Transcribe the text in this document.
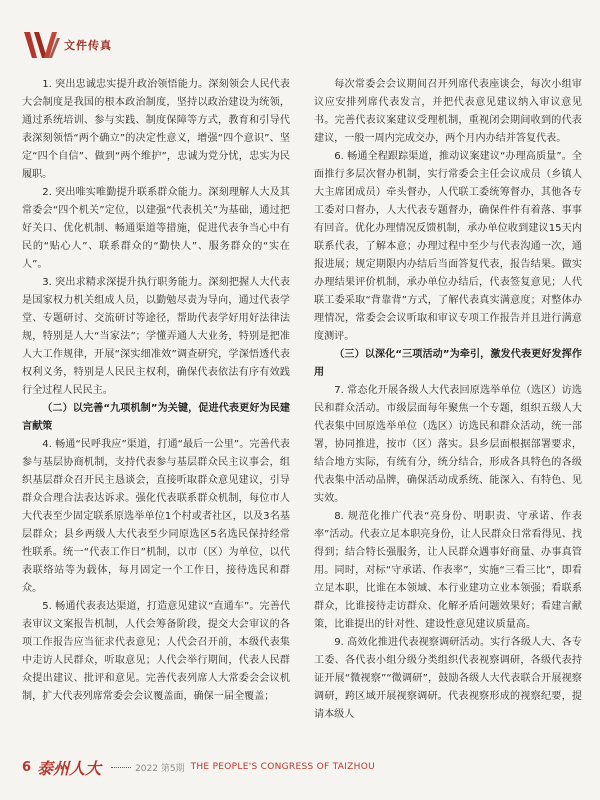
文件传真

1. 突出忠诚忠实提升政治领悟能力。深刻领会人民代表大会制度是我国的根本政治制度，坚持以政治建设为统领，通过系统培训、参与实践、制度保障等方式，教育和引导代表深刻领悟“两个确立”的决定性意义，增强“四个意识”、坚定“四个自信”、做到“两个维护”，忠诚为党分忧，忠实为民履职。

2. 突出唯实唯勤提升联系群众能力。深刻理解人大及其常委会“四个机关”定位，以建强“代表机关”为基础，通过把好关口、优化机制、畅通渠道等措施，促进代表争当心中有民的“贴心人”、联系群众的“勤快人”、服务群众的“实在人”。

3. 突出求精求深提升执行职务能力。深刻把握人大代表是国家权力机关组成人员，以勤勉尽责为导向，通过代表学堂、专题研讨、交流研讨等途径，帮助代表学好用好法律法规，特别是人大“当家法”；学懂弄通人大业务，特别是把准人大工作规律，开展“深实细准效”调查研究，学深悟透代表权利义务，特别是人民民主权利，确保代表依法有序有效践行全过程人民民主。

（二）以完善“九项机制”为关键，促进代表更好为民建言献策

4. 畅通“民呼我应”渠道，打通“最后一公里”。完善代表参与基层协商机制，支持代表参与基层群众民主议事会，组织基层群众召开民主恳谈会，直接听取群众意见建议，引导群众合理合法表达诉求。强化代表联系群众机制，每位市人大代表至少固定联系原选举单位1个村或者社区，以及3名基层群众；县乡两级人大代表至少同原选区5名选民保持经常性联系。统一“代表工作日”机制，以市（区）为单位，以代表联络站等为载体，每月固定一个工作日，接待选民和群众。

5. 畅通代表表达渠道，打造意见建议“直通车”。完善代表审议文案报告机制，人代会筹备阶段，提交大会审议的各项工作报告应当征求代表意见；人代会召开前，本级代表集中走访人民群众，听取意见；人代会举行期间，代表人民群众提出建议、批评和意见。完善代表列席人大常委会会议机制，扩大代表列席常委会会议覆盖面，确保一届全覆盖；

每次常委会会议期间召开列席代表座谈会，每次小组审议应安排列席代表发言，并把代表意见建议纳入审议意见书。完善代表议案建议受理机制，重视闭会期间收到的代表建议，一般一周内完成交办，两个月内办结并答复代表。

6. 畅通全程跟踪渠道，推动议案建议“办理高质量”。全面推行多层次督办机制，实行常委会主任会议成员（乡镇人大主席团成员）牵头督办，人代联工委统筹督办，其他各专工委对口督办，人大代表专题督办，确保件件有着落、事事有回音。优化办理情况反馈机制，承办单位收到建议15天内联系代表，了解本意；办理过程中至少与代表沟通一次，通报进展；规定期限内办结后当面答复代表，报告结果。做实办理结果评价机制，承办单位办结后，代表签复意见；人代联工委采取“背靠背”方式，了解代表真实满意度；对整体办理情况，常委会会议听取和审议专项工作报告并且进行满意度测评。

（三）以深化“三项活动”为牵引，激发代表更好发挥作用

7. 常态化开展各级人大代表回原选举单位（选区）访选民和群众活动。市级层面每年聚焦一个专题，组织五级人大代表集中回原选举单位（选区）访选民和群众活动，统一部署，协同推进，按市（区）落实。县乡层面根据部署要求，结合地方实际，有统有分，统分结合，形成各具特色的各级代表集中活动品牌，确保活动成系统、能深入、有特色、见实效。

8. 规范化推广代表“亮身份、明职责、守承诺、作表率”活动。代表立足本职亮身份，让人民群众日常看得见、找得到；结合特长强服务，让人民群众遇事好商量、办事真管用。同时，对标“守承诺、作表率”，实施“三看三比”，即看立足本职，比谁在本领域、本行业建功立业本领强；看联系群众，比谁接待走访群众、化解矛盾问题效果好；看建言献策，比谁提出的针对性、建设性意见建议质量高。

9. 高效化推进代表视察调研活动。实行各级人大、各专工委、各代表小组分级分类组织代表视察调研，各级代表持证开展“微视察”“微调研”，鼓励各级人大代表联合开展视察调研，跨区域开展视察调研。代表视察形成的视察纪要，提请本级人

6 泰州人大	2022 第5期 THE PEOPLE'S CONGRESS OF TAIZHOU
